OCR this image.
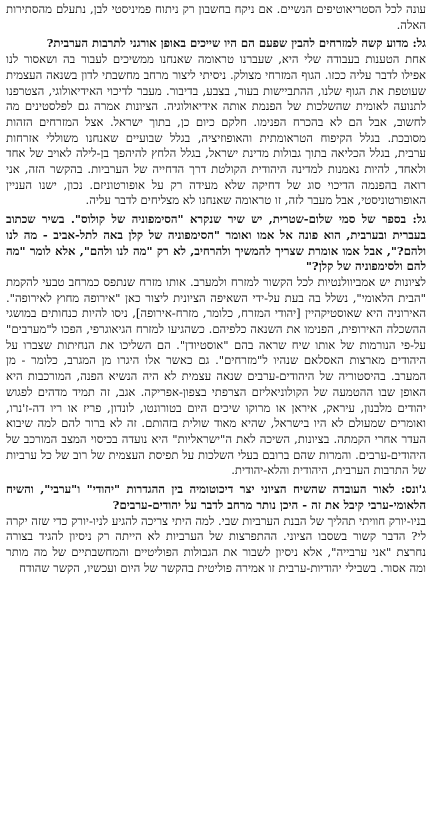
עונה לכל הסטריאוטיפים הנשיים. אם ניקח בחשבון רק ניתוח פמיניסטי לבן, נתעלם מהסתירות האלה.

גל: מדוע קשה למזרחים להבין שפעם הם היו שייכים באופן אורגני לתרבות הערבית?

אחת הטענות בעבודה שלי היא, שעברנו טראומה שאנחנו ממשיכים לעבור בה ושאסור לנו אפילו לדבר עליה ככזו. הגוף המזרחי מצולק. ניסיתי ליצור מרחב מחשבתי לדון בשנאה העצמית שעוטפת את הגוף שלנו, ההתביישות בעור, בצבע, בדיבור. מעבר לדיכוי האידיאולוגי, הצטרפנו לתנועה לאומית שהשלכות של הפנמת אותה אידיאולוגיה. הציונות אמרה גם לפלסטינים מה לחשוב, אבל הם לא בהכרח הפנימו. חלקם כיום כן, בתוך ישראל. אצל המזרחים הזהות מסובכת. בגלל הקיפוח הטראומתית והאופוזיציה, בגלל שבועיים שאנחנו משוללי אזרחות ערבית, בגלל הכליאה בתוך גבולות מדינת ישראל, בגלל הלחץ להיהפך בן-לילה לאויב של אחד ולאחד, להיות נאמנות למדינה היהודית הקולטת דרך הדחייה של הערביות. בהקשר הזה, אני רואה בהפנמה הדיכוי סוג של דחיקה שלא מעידה רק על אופורטוניזם. נכון, ישנו העניין האופורטוניסטי, אבל מעבר לזה, זו טראומה שאנחנו לא מצליחים לדבר עליה.

גל: בספר של סמי שלום-שטרית, יש שיר שנקרא "הסימפוניה של קולוס". בשיר שכתוב בעברית ובערבית, הוא פונה אל אמו ואומר "הסימפוניה של קלן באה לתל-אביב - מה לנו ולהם?", אבל אמו אומרת שצריך להמשיך ולהרחיב, לא רק "מה לנו ולהם", אלא לומר "מה להם ולסימפוניה של קלן?"

לציונות יש אמביוולנטיות לכל הקשור למזרח ולמערב. אותו מזרח שנתפס כמרחב טבעי להקמת "הבית הלאומי", נשלל בה בעת על-ידי השאיפה הציונית ליצור כאן "אירופה מחוץ לאירופה". האירוניה היא שאוסטיקהיין [יהודי המזרח, כלומר, מזרח-אירופה], ניסו להיות כנחותים במושגי ההשכלה האירופית, הפנימו את השנאה כלפיהם. כשהגיעו למזרח הגיאוגרפי, הפכו ל"מערבים" על-פי הנורמות של אותו שיח שראה בהם "אוסטיודן". הם השליכו את הנחיתות שצברו על היהודים מארצות האסלאם שנהיו ל"מזרחים". גם כאשר אלו היגרו מן המגרב, כלומר - מן המערב. בהיסטוריה של היהודים-ערבים שנאה עצמית לא היה הנשיא הפנה, המורכבות היא האופן שבו ההטמעה של הקולוניאליזם הצרפתי בצפון-אפריקה. אגב, זה תמיד מדהים לפגוש יהודים מלבנון, עיראק, איראן או מרוקו שיכים היום בטורונטו, לונדון, פריז או ריו דה-ז'נרו, ואומרים שמעולם לא היו בישראל, שהיא מאוד שולית בזהותם. זה לא ברור להם למה שיבוא העדר אחרי הקמתה. בציונות, השיכה לאת ה"ישראליות" היא נועדה בכיסוי המצב המורכב של היהודים-ערבים. והמרות שהם ברובם בעלי השלכות על תפיסת העצמית של רוב של כל ערביות של התרבות הערבית, היהודית והלא-יהודית.

ג'ונס: לאור העובדה שהשיח הציוני יצר דיכוטומיה בין ההגדרות "יהודי" ו"ערבי", והשיח הלאומי-ערבי קיבל את זה - היכן נותר מרחב לדבר על יהודים-ערבים?

בניו-יורק חוויתי תהליך של הבנת הערביות שבי. למה היתי צריכה להגיע לניו-יורק כדי שזה יקרה לי? הדבר קשור בשסבו הציוני. ההתפרצות של הערביות לא הייתה רק ניסיון להגיד בצורה נחרצת "אני ערבייה", אלא ניסיון לשבור את הגבולות הפוליטיים והמחשבתיים של מה מותר ומה אסור. בשבילי יהודיות-ערבית זו אמירה פוליטית בהקשר של היום ועכשיו, הקשר שהודח
